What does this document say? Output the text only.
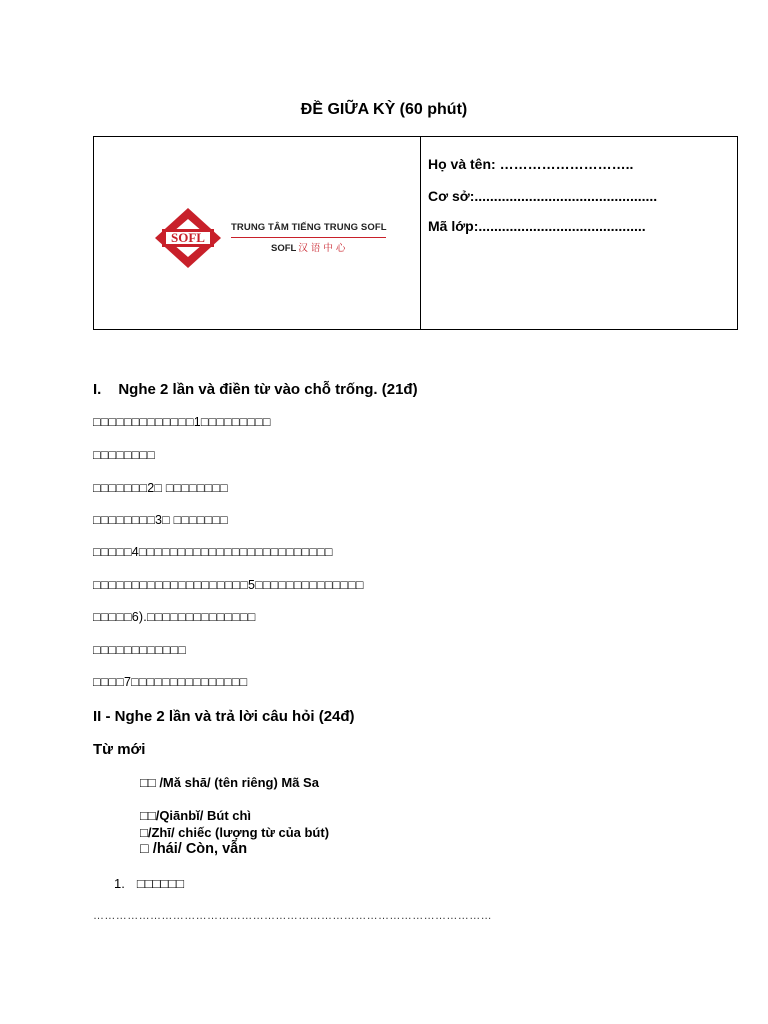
ĐỀ GIỮA KỲ (60 phút)
SOFL
TRUNG TÂM TIẾNG TRUNG SOFL
SOFL 汉语中心
Họ và tên: ………………………..
Cơ sở:...............................................
Mã lớp:...........................................
I. Nghe 2 lần và điền từ vào chỗ trống. (21đ)
□□□□□□□□□□□□□1□□□□□□□□□
□□□□□□□□
□□□□□□□2□ □□□□□□□□
□□□□□□□□3□ □□□□□□□
□□□□□4□□□□□□□□□□□□□□□□□□□□□□□□□
□□□□□□□□□□□□□□□□□□□□5□□□□□□□□□□□□□□
□□□□□6).□□□□□□□□□□□□□□
□□□□□□□□□□□□
□□□□7□□□□□□□□□□□□□□□
II - Nghe 2 lần và trả lời câu hỏi (24đ)
Từ mới
□□ /Mǎ shā/ (tên riêng) Mã Sa
□□/Qiānbǐ/ Bút chì
□/Zhī/ chiếc (lượng từ của bút)
□ /hái/ Còn, vẫn
1. □□□□□□
……………………………………………………………………………………………
